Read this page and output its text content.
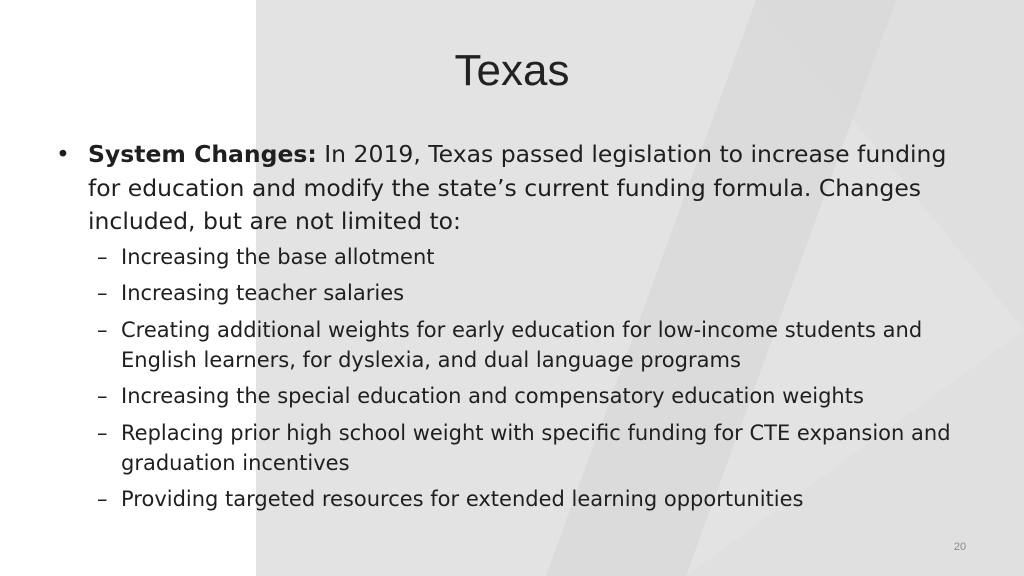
Texas
• System Changes: In 2019, Texas passed legislation to increase funding for education and modify the state’s current funding formula. Changes included, but are not limited to:
– Increasing the base allotment
– Increasing teacher salaries
– Creating additional weights for early education for low-income students and English learners, for dyslexia, and dual language programs
– Increasing the special education and compensatory education weights
– Replacing prior high school weight with specific funding for CTE expansion and graduation incentives
– Providing targeted resources for extended learning opportunities
20
